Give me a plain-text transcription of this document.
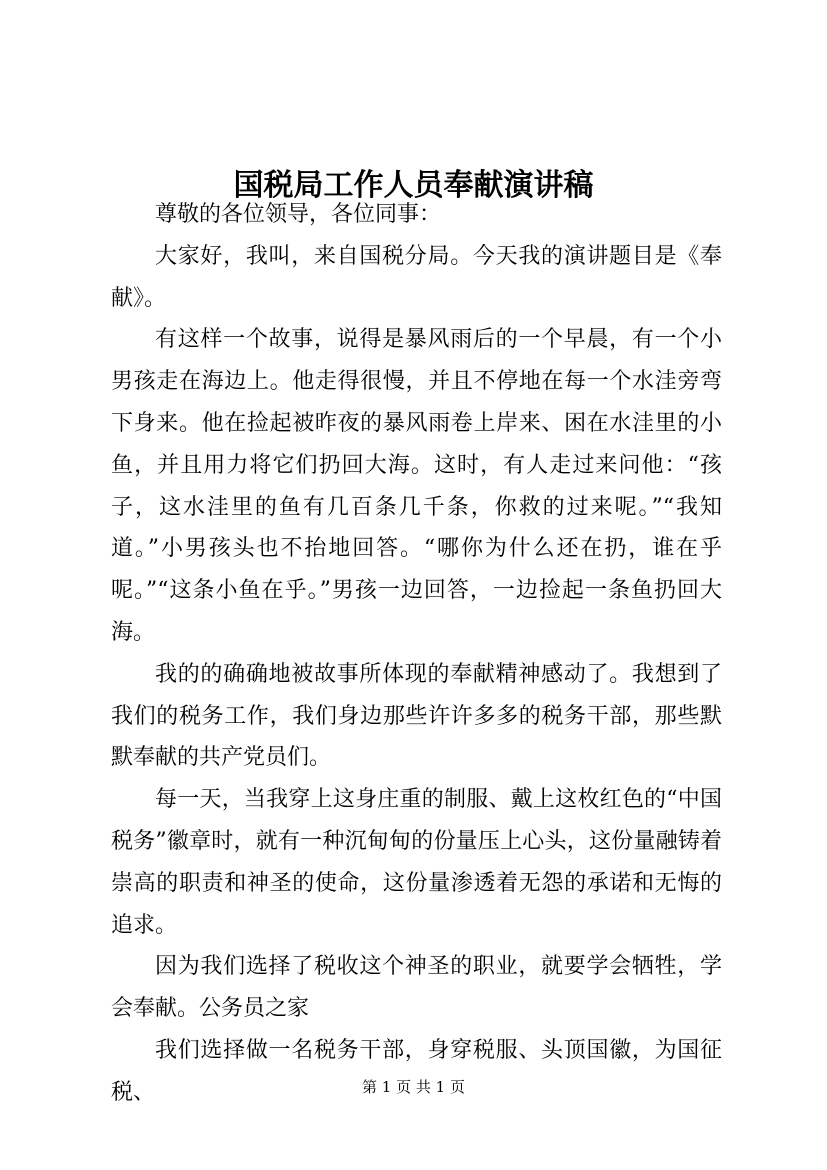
国税局工作人员奉献演讲稿

尊敬的各位领导，各位同事：

大家好，我叫，来自国税分局。今天我的演讲题目是《奉献》。

有这样一个故事，说得是暴风雨后的一个早晨，有一个小男孩走在海边上。他走得很慢，并且不停地在每一个水洼旁弯下身来。他在捡起被昨夜的暴风雨卷上岸来、困在水洼里的小鱼，并且用力将它们扔回大海。这时，有人走过来问他：“孩子，这水洼里的鱼有几百条几千条，你救的过来呢。”“我知道。”小男孩头也不抬地回答。“哪你为什么还在扔，谁在乎呢。”“这条小鱼在乎。”男孩一边回答，一边捡起一条鱼扔回大海。

我的的确确地被故事所体现的奉献精神感动了。我想到了我们的税务工作，我们身边那些许许多多的税务干部，那些默默奉献的共产党员们。

每一天，当我穿上这身庄重的制服、戴上这枚红色的“中国税务”徽章时，就有一种沉甸甸的份量压上心头，这份量融铸着崇高的职责和神圣的使命，这份量渗透着无怨的承诺和无悔的追求。

因为我们选择了税收这个神圣的职业，就要学会牺牲，学会奉献。公务员之家

我们选择做一名税务干部，身穿税服、头顶国徽，为国征税、	第 1 页 共 1 页
